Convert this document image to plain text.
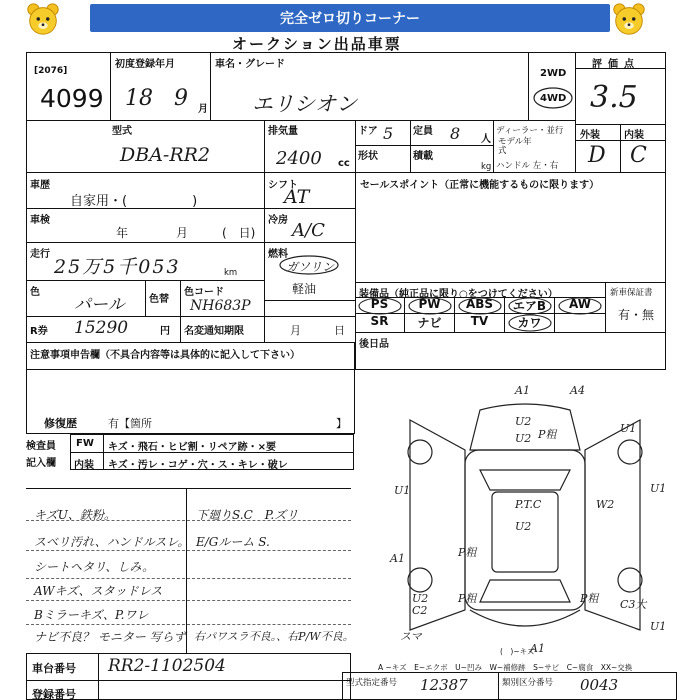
完全ゼロ切りコーナー
オークション出品車票
[2076]
4099
初度登録年月
18 9 月
車名・グレード
エリシオン
2WD
4WD
評価点
3.5
外装 内装
D C
型式
DBA-RR2
排気量
2400 cc
ドア 5 定員 8 人
ディーラー・並行
モデル年式
ハンドル 左・右
形状	積載
kg
車歴
自家用・(　　　　　)
シフト
AT
セールスポイント（正常に機能するものに限ります）
車検
年	月	(　日)
冷房 A/C
走行
25万5千053	km
燃料
ガソリン
軽油
色
パール 色替
色コード
NH683P
R券 15290	円 名変通知期限	月	日
装備品（純正品に限り○をつけてください）	新車保証書
有・無
PS	PW	ABS	エアB	AW
SR	ナビ	TV	カワ
後日品
注意事項申告欄（不具合内容等は具体的に記入して下さい）
修復歴	有【箇所	】
検査員
記入欄
FW キズ・飛石・ヒビ割・リペア跡・×要
内装 キズ・汚レ・コゲ・穴・ス・キレ・破レ
キズU、鉄粉。
スベリ汚れ、ハンドルスレ。
シートヘタリ、しみ。
AWキズ、スタッドレス
Bミラーキズ、P.ワレ
ナビ不良？ モニター 写らず
下廻りS.C　P.ズリ
E/Gルーム S.
右パワスラ不良。、右P/W不良。
A1	A4
U2
U2 P粗	U1
U1	U1
P.T.C
U2
W2
A1	P粗
U2
C2
P粗	P粗 C3大
スマ
A1
U1
A ~キズ　E~エクボ　U~凹み　W~補修跡　S~サビ　C~腐食　XX~交換
(　)~キズ
車台番号 RR2-1102504
登録番号
型式指定番号 12387	類別区分番号 0043
